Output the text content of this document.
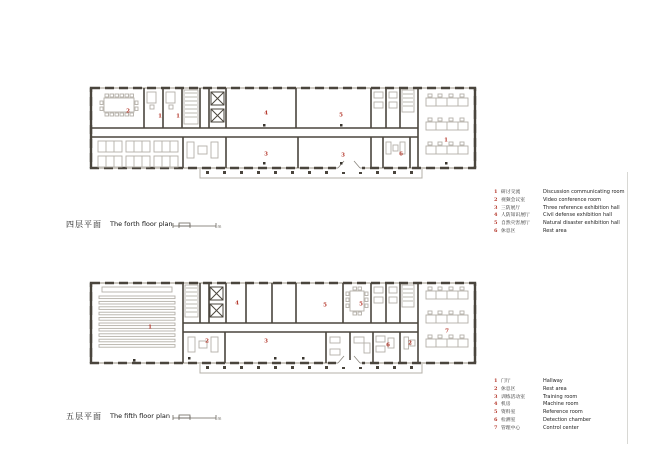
2
1	1	4	5
3	3	6
1
四层平面 The forth floor plan	m
1 研讨交流	Discussion communicating room
2 视频会议室	Video conference room
3 三防展厅	Three reference exhibition hall
4 人防知识展厅	Civil defense exhibition hall
5 自然灾害展厅	Natural disaster exhibition hall
6 休息区	Rest area
1
2
4
3
5	5
6	2
7
五层平面 The fifth floor plan	m
1 门厅	Hallway
2 休息区	Rest area
3 训练活动室	Training room
4 机房	Machine room
5 资料室	Reference room
6 检测室	Detection chamber
7 管理中心	Control center
